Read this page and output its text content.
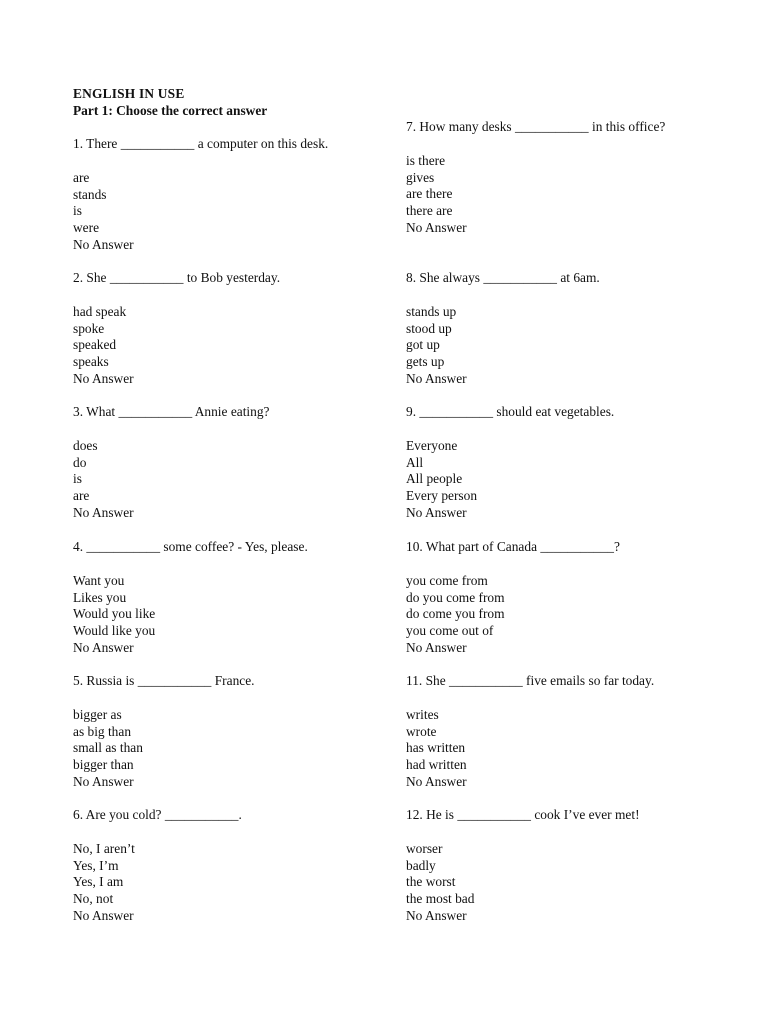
ENGLISH IN USE
Part 1: Choose the correct answer
1. There ___________ a computer on this desk.
are
stands
is
were
No Answer
2. She ___________ to Bob yesterday.
had speak
spoke
speaked
speaks
No Answer
3. What ___________ Annie eating?
does
do
is
are
No Answer
4. ___________ some coffee? - Yes, please.
Want you
Likes you
Would you like
Would like you
No Answer
5. Russia is ___________ France.
bigger as
as big than
small as than
bigger than
No Answer
6. Are you cold? ___________.
No, I aren’t
Yes, I’m
Yes, I am
No, not
No Answer
7. How many desks ___________ in this office?
is there
gives
are there
there are
No Answer
8. She always ___________ at 6am.
stands up
stood up
got up
gets up
No Answer
9. ___________ should eat vegetables.
Everyone
All
All people
Every person
No Answer
10. What part of Canada ___________?
you come from
do you come from
do come you from
you come out of
No Answer
11. She ___________ five emails so far today.
writes
wrote
has written
had written
No Answer
12. He is ___________ cook I’ve ever met!
worser
badly
the worst
the most bad
No Answer
